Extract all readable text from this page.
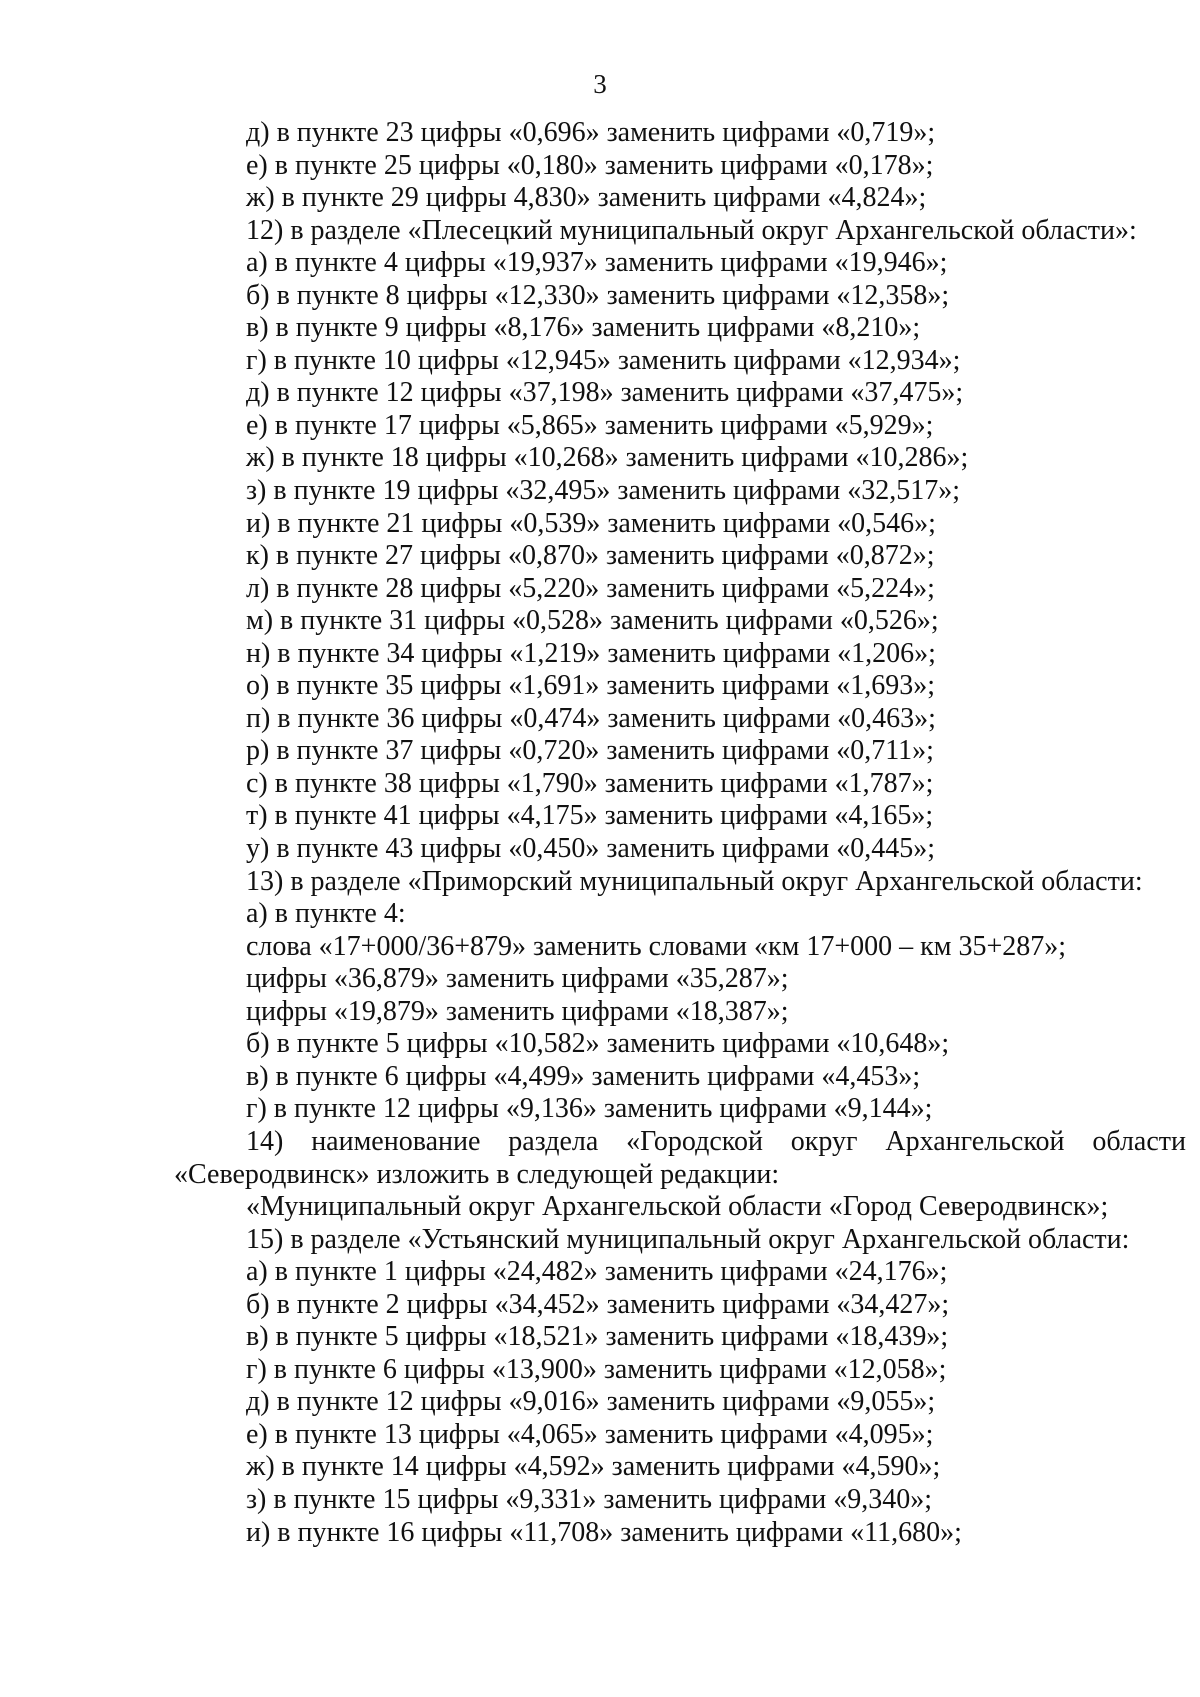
3
д) в пункте 23 цифры «0,696» заменить цифрами «0,719»;
е) в пункте 25 цифры «0,180» заменить цифрами «0,178»;
ж) в пункте 29 цифры 4,830» заменить цифрами «4,824»;
12) в разделе «Плесецкий муниципальный округ Архангельской области»:
а) в пункте 4 цифры «19,937» заменить цифрами «19,946»;
б) в пункте 8 цифры «12,330» заменить цифрами «12,358»;
в) в пункте 9 цифры «8,176» заменить цифрами «8,210»;
г) в пункте 10 цифры «12,945» заменить цифрами «12,934»;
д) в пункте 12 цифры «37,198» заменить цифрами «37,475»;
е) в пункте 17 цифры «5,865» заменить цифрами «5,929»;
ж) в пункте 18 цифры «10,268» заменить цифрами «10,286»;
з) в пункте 19 цифры «32,495» заменить цифрами «32,517»;
и) в пункте 21 цифры «0,539» заменить цифрами «0,546»;
к) в пункте 27 цифры «0,870» заменить цифрами «0,872»;
л) в пункте 28 цифры «5,220» заменить цифрами «5,224»;
м) в пункте 31 цифры «0,528» заменить цифрами «0,526»;
н) в пункте 34 цифры «1,219» заменить цифрами «1,206»;
о) в пункте 35 цифры «1,691» заменить цифрами «1,693»;
п) в пункте 36 цифры «0,474» заменить цифрами «0,463»;
р) в пункте 37 цифры «0,720» заменить цифрами «0,711»;
с) в пункте 38 цифры «1,790» заменить цифрами «1,787»;
т) в пункте 41 цифры «4,175» заменить цифрами «4,165»;
у) в пункте 43 цифры «0,450» заменить цифрами «0,445»;
13) в разделе «Приморский муниципальный округ Архангельской области:
а) в пункте 4:
слова «17+000/36+879» заменить словами «км 17+000 – км 35+287»;
цифры «36,879» заменить цифрами «35,287»;
цифры «19,879» заменить цифрами «18,387»;
б) в пункте 5 цифры «10,582» заменить цифрами «10,648»;
в) в пункте 6 цифры «4,499» заменить цифрами «4,453»;
г) в пункте 12 цифры «9,136» заменить цифрами «9,144»;
14) наименование раздела «Городской округ Архангельской области
«Северодвинск» изложить в следующей редакции:
«Муниципальный округ Архангельской области «Город Северодвинск»;
15) в разделе «Устьянский муниципальный округ Архангельской области:
а) в пункте 1 цифры «24,482» заменить цифрами «24,176»;
б) в пункте 2 цифры «34,452» заменить цифрами «34,427»;
в) в пункте 5 цифры «18,521» заменить цифрами «18,439»;
г) в пункте 6 цифры «13,900» заменить цифрами «12,058»;
д) в пункте 12 цифры «9,016» заменить цифрами «9,055»;
е) в пункте 13 цифры «4,065» заменить цифрами «4,095»;
ж) в пункте 14 цифры «4,592» заменить цифрами «4,590»;
з) в пункте 15 цифры «9,331» заменить цифрами «9,340»;
и) в пункте 16 цифры «11,708» заменить цифрами «11,680»;
